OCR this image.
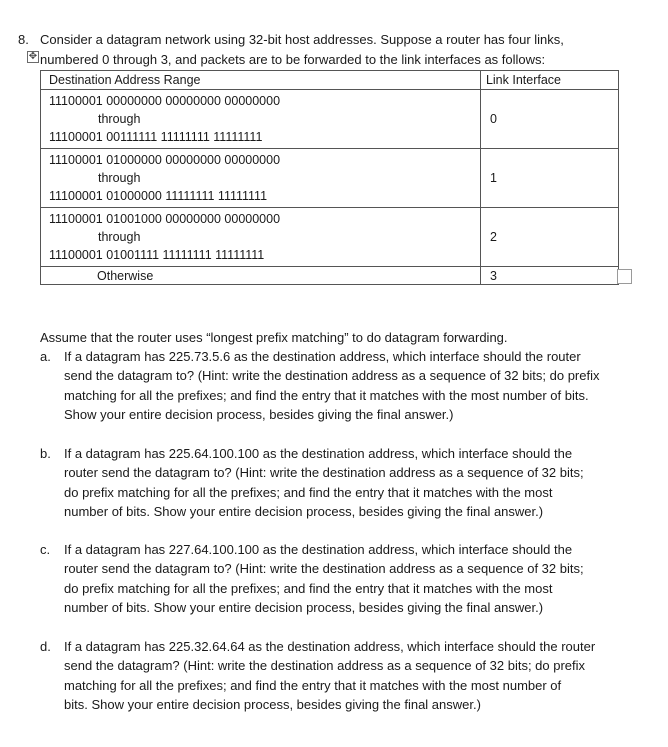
8. Consider a datagram network using 32-bit host addresses. Suppose a router has four links,
numbered 0 through 3, and packets are to be forwarded to the link interfaces as follows:
✥
Destination Address Range	Link Interface

11100001 00000000 00000000 00000000
through
11100001 00111111 11111111 11111111	0

11100001 01000000 00000000 00000000
through
11100001 01000000 11111111 11111111	1

11100001 01001000 00000000 00000000
through
11100001 01001111 11111111 11111111	2
Otherwise	3
Assume that the router uses “longest prefix matching” to do datagram forwarding.
a. If a datagram has 225.73.5.6 as the destination address, which interface should the router
send the datagram to? (Hint: write the destination address as a sequence of 32 bits; do prefix
matching for all the prefixes; and find the entry that it matches with the most number of bits.
Show your entire decision process, besides giving the final answer.)
b. If a datagram has 225.64.100.100 as the destination address, which interface should the
router send the datagram to? (Hint: write the destination address as a sequence of 32 bits;
do prefix matching for all the prefixes; and find the entry that it matches with the most
number of bits. Show your entire decision process, besides giving the final answer.)
c. If a datagram has 227.64.100.100 as the destination address, which interface should the
router send the datagram to? (Hint: write the destination address as a sequence of 32 bits;
do prefix matching for all the prefixes; and find the entry that it matches with the most
number of bits. Show your entire decision process, besides giving the final answer.)
d. If a datagram has 225.32.64.64 as the destination address, which interface should the router
send the datagram? (Hint: write the destination address as a sequence of 32 bits; do prefix
matching for all the prefixes; and find the entry that it matches with the most number of
bits. Show your entire decision process, besides giving the final answer.)
